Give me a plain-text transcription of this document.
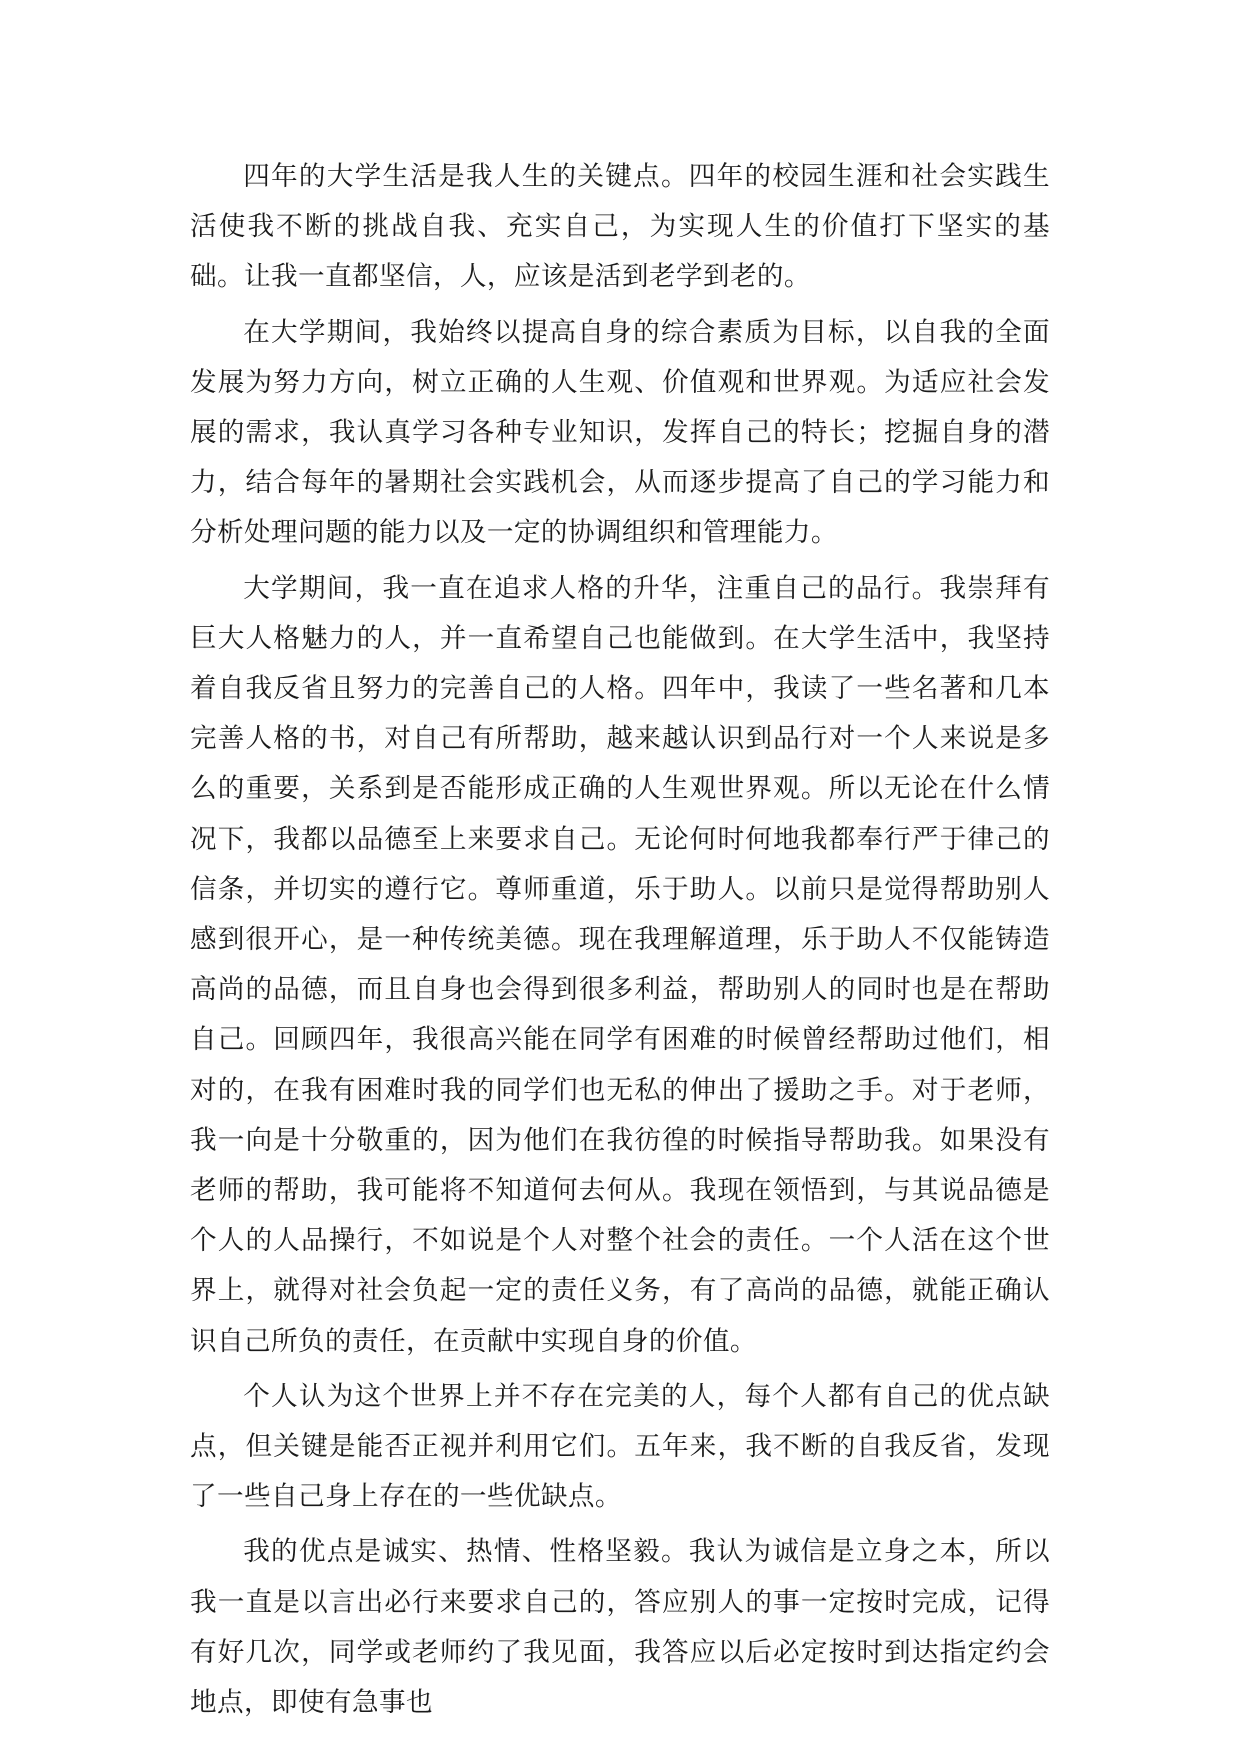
四年的大学生活是我人生的关键点。四年的校园生涯和社会实践生活使我不断的挑战自我、充实自己，为实现人生的价值打下坚实的基础。让我一直都坚信，人，应该是活到老学到老的。

在大学期间，我始终以提高自身的综合素质为目标，以自我的全面发展为努力方向，树立正确的人生观、价值观和世界观。为适应社会发展的需求，我认真学习各种专业知识，发挥自己的特长；挖掘自身的潜力，结合每年的暑期社会实践机会，从而逐步提高了自己的学习能力和分析处理问题的能力以及一定的协调组织和管理能力。

大学期间，我一直在追求人格的升华，注重自己的品行。我崇拜有巨大人格魅力的人，并一直希望自己也能做到。在大学生活中，我坚持着自我反省且努力的完善自己的人格。四年中，我读了一些名著和几本完善人格的书，对自己有所帮助，越来越认识到品行对一个人来说是多么的重要，关系到是否能形成正确的人生观世界观。所以无论在什么情况下，我都以品德至上来要求自己。无论何时何地我都奉行严于律己的信条，并切实的遵行它。尊师重道，乐于助人。以前只是觉得帮助别人感到很开心，是一种传统美德。现在我理解道理，乐于助人不仅能铸造高尚的品德，而且自身也会得到很多利益，帮助别人的同时也是在帮助自己。回顾四年，我很高兴能在同学有困难的时候曾经帮助过他们，相对的，在我有困难时我的同学们也无私的伸出了援助之手。对于老师，我一向是十分敬重的，因为他们在我彷徨的时候指导帮助我。如果没有老师的帮助，我可能将不知道何去何从。我现在领悟到，与其说品德是个人的人品操行，不如说是个人对整个社会的责任。一个人活在这个世界上，就得对社会负起一定的责任义务，有了高尚的品德，就能正确认识自己所负的责任，在贡献中实现自身的价值。

个人认为这个世界上并不存在完美的人，每个人都有自己的优点缺点，但关键是能否正视并利用它们。五年来，我不断的自我反省，发现了一些自己身上存在的一些优缺点。

我的优点是诚实、热情、性格坚毅。我认为诚信是立身之本，所以我一直是以言出必行来要求自己的，答应别人的事一定按时完成，记得有好几次，同学或老师约了我见面，我答应以后必定按时到达指定约会地点，即使有急事也
